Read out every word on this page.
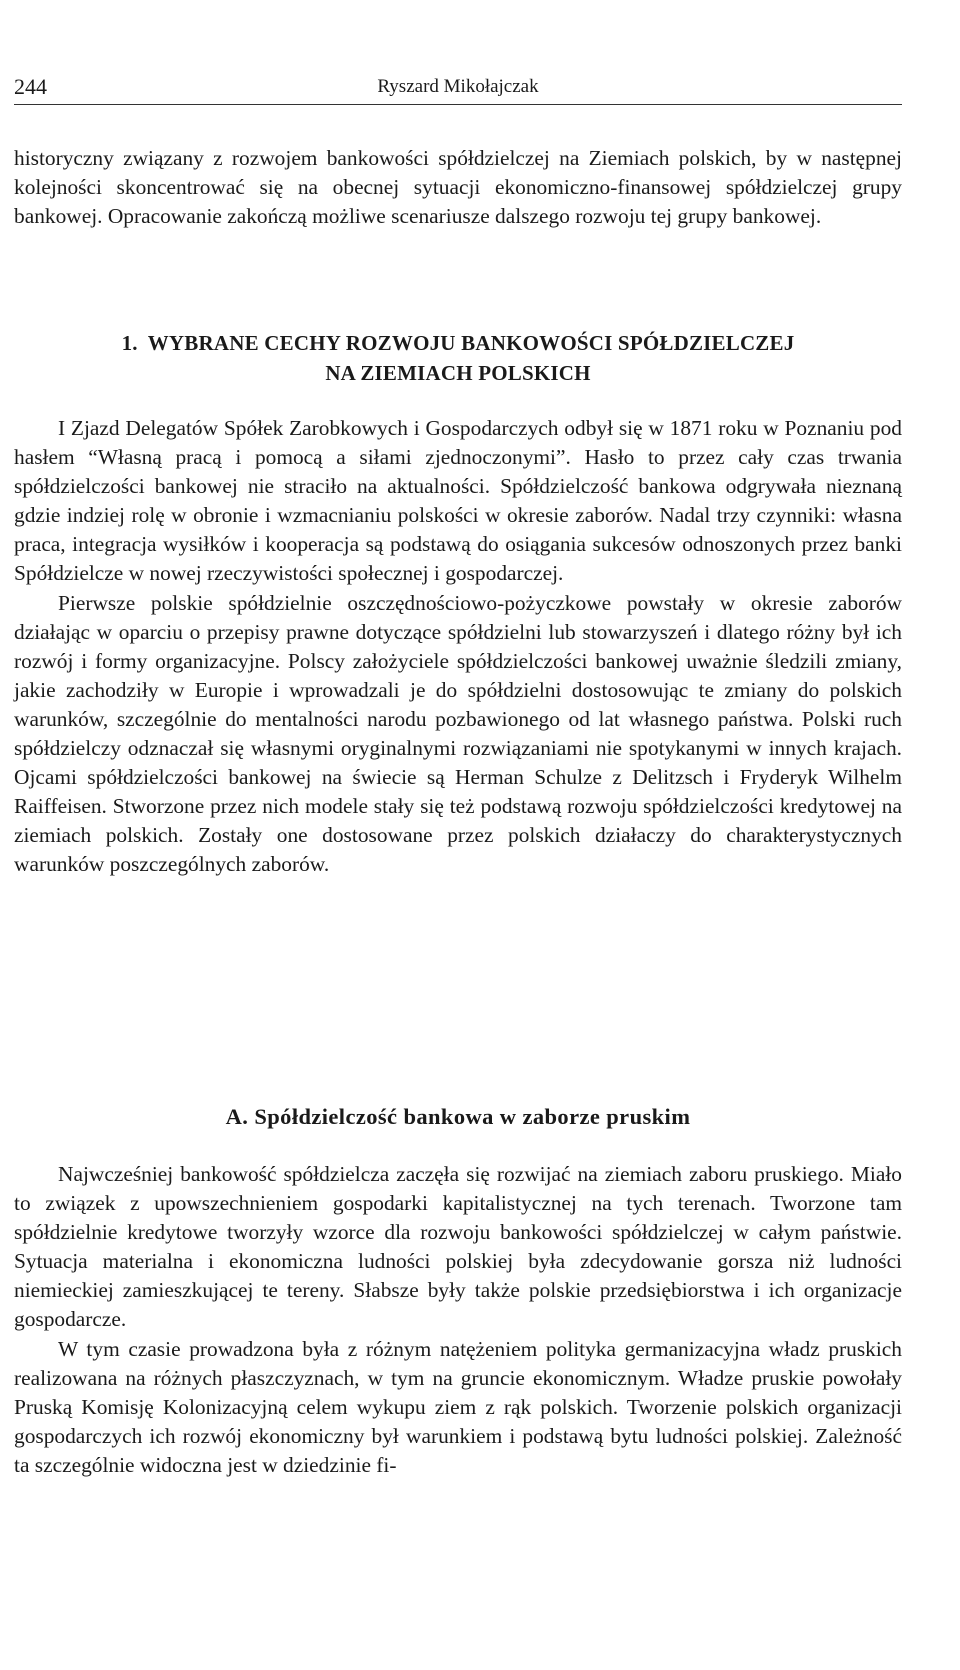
244	Ryszard Mikołajczak

historyczny związany z rozwojem bankowości spółdzielczej na Ziemiach polskich, by w następnej kolejności skoncentrować się na obecnej sytuacji ekonomiczno-finansowej spółdzielczej grupy bankowej. Opracowanie zakończą możliwe scenariusze dalszego rozwoju tej grupy bankowej.

1. WYBRANE CECHY ROZWOJU BANKOWOŚCI SPÓŁDZIELCZEJ
NA ZIEMIACH POLSKICH

I Zjazd Delegatów Spółek Zarobkowych i Gospodarczych odbył się w 1871 roku w Poznaniu pod hasłem “Własną pracą i pomocą a siłami zjednoczonymi”. Hasło to przez cały czas trwania spółdzielczości bankowej nie straciło na aktualności. Spółdzielczość bankowa odgrywała nieznaną gdzie indziej rolę w obronie i wzmacnianiu polskości w okresie zaborów. Nadal trzy czynniki: własna praca, integracja wysiłków i kooperacja są podstawą do osiągania sukcesów odnoszonych przez banki Spółdzielcze w nowej rzeczywistości społecznej i gospodarczej.

Pierwsze polskie spółdzielnie oszczędnościowo-pożyczkowe powstały w okresie zaborów działając w oparciu o przepisy prawne dotyczące spółdzielni lub stowarzyszeń i dlatego różny był ich rozwój i formy organizacyjne. Polscy założyciele spółdzielczości bankowej uważnie śledzili zmiany, jakie zachodziły w Europie i wprowadzali je do spółdzielni dostosowując te zmiany do polskich warunków, szczególnie do mentalności narodu pozbawionego od lat własnego państwa. Polski ruch spółdzielczy odznaczał się własnymi oryginalnymi rozwiązaniami nie spotykanymi w innych krajach. Ojcami spółdzielczości bankowej na świecie są Herman Schulze z Delitzsch i Fryderyk Wilhelm Raiffeisen. Stworzone przez nich modele stały się też podstawą rozwoju spółdzielczości kredytowej na ziemiach polskich. Zostały one dostosowane przez polskich działaczy do charakterystycznych warunków poszczególnych zaborów.

A. Spółdzielczość bankowa w zaborze pruskim

Najwcześniej bankowość spółdzielcza zaczęła się rozwijać na ziemiach zaboru pruskiego. Miało to związek z upowszechnieniem gospodarki kapitalistycznej na tych terenach. Tworzone tam spółdzielnie kredytowe tworzyły wzorce dla rozwoju bankowości spółdzielczej w całym państwie. Sytuacja materialna i ekonomiczna ludności polskiej była zdecydowanie gorsza niż ludności niemieckiej zamieszkującej te tereny. Słabsze były także polskie przedsiębiorstwa i ich organizacje gospodarcze.

W tym czasie prowadzona była z różnym natężeniem polityka germanizacyjna władz pruskich realizowana na różnych płaszczyznach, w tym na gruncie ekonomicznym. Władze pruskie powołały Pruską Komisję Kolonizacyjną celem wykupu ziem z rąk polskich. Tworzenie polskich organizacji gospodarczych ich rozwój ekonomiczny był warunkiem i podstawą bytu ludności polskiej. Zależność ta szczególnie widoczna jest w dziedzinie fi-
